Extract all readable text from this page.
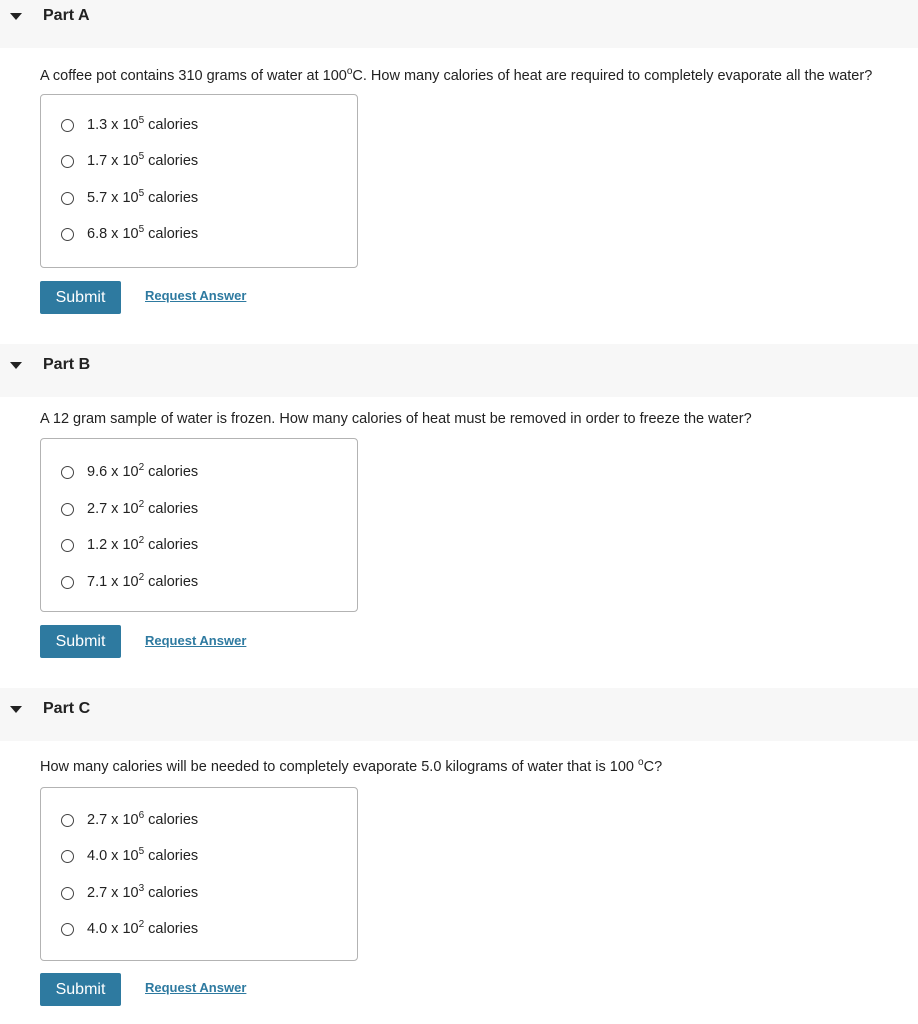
Part A
A coffee pot contains 310 grams of water at 100$^o$C. How many calories of heat are required to completely evaporate all the water?
1.3 x $10^5$ calories
1.7 x $10^5$ calories
5.7 x $10^5$ calories
6.8 x $10^5$ calories
Submit	Request Answer
Part B
A 12 gram sample of water is frozen. How many calories of heat must be removed in order to freeze the water?
9.6 x $10^2$ calories
2.7 x $10^2$ calories
1.2 x $10^2$ calories
7.1 x $10^2$ calories
Submit	Request Answer
Part C
How many calories will be needed to completely evaporate 5.0 kilograms of water that is 100 $^o$C?
2.7 x $10^6$ calories
4.0 x $10^5$ calories
2.7 x $10^3$ calories
4.0 x $10^2$ calories
Submit	Request Answer
